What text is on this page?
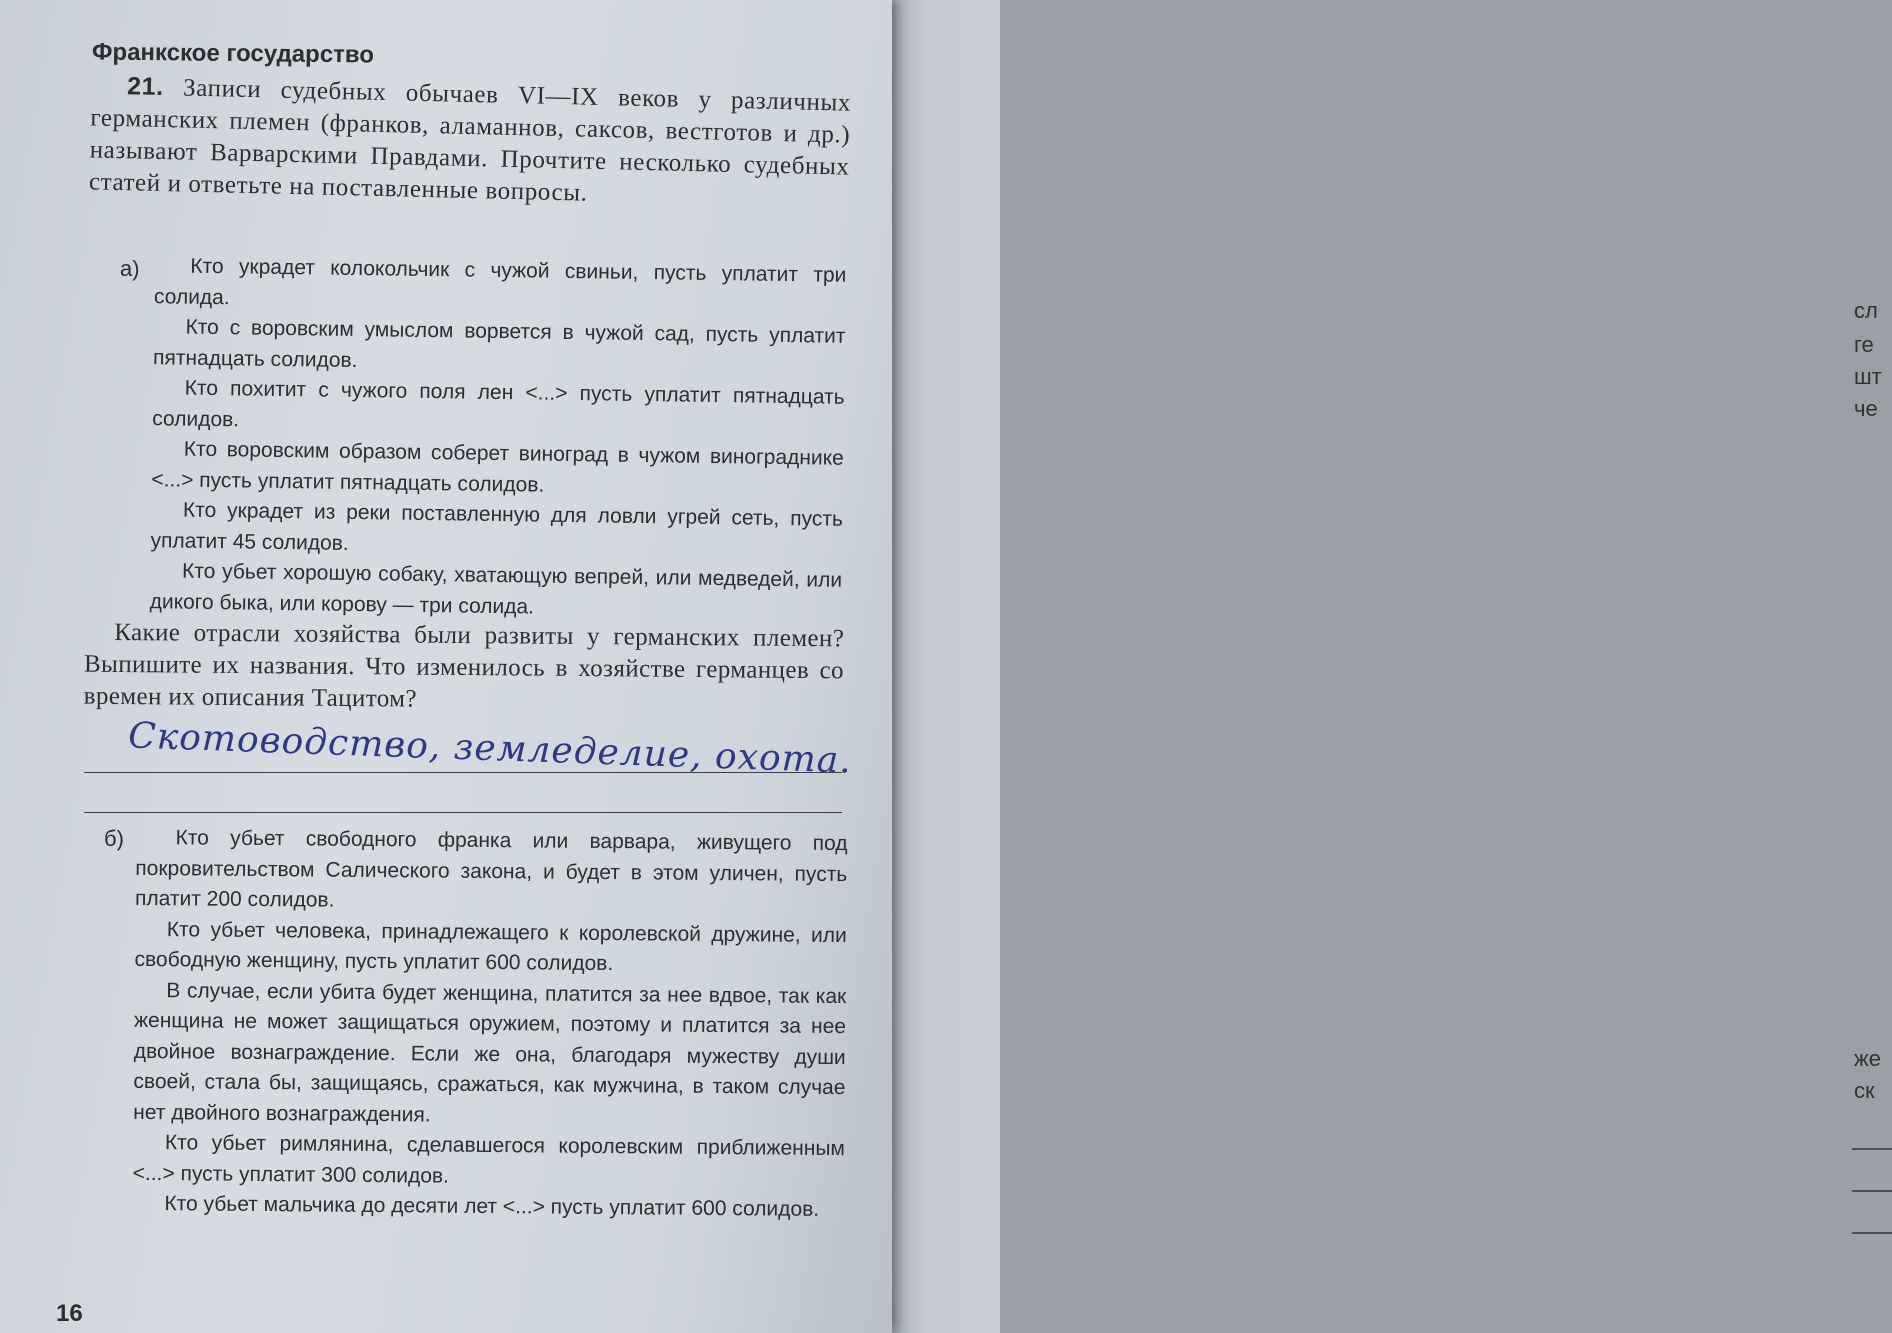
сл
ге
шт
че
же
ск
Франкское государство
21. Записи судебных обычаев VI—IX веков у различных германских племен (франков, аламаннов, саксов, вестготов и др.) называют Варварскими Правдами. Прочтите несколько судебных статей и ответьте на поставленные вопросы.
а)	Кто украдет колокольчик с чужой свиньи, пусть уплатит три солида.

Кто с воровским умыслом ворвется в чужой сад, пусть уплатит пятнадцать солидов.

Кто похитит с чужого поля лен <...> пусть уплатит пятнадцать солидов.

Кто воровским образом соберет виноград в чужом винограднике <...> пусть уплатит пятнадцать солидов.

Кто украдет из реки поставленную для ловли угрей сеть, пусть уплатит 45 солидов.

Кто убьет хорошую собаку, хватающую вепрей, или медведей, или дикого быка, или корову — три солида.

Какие отрасли хозяйства были развиты у германских племен? Выпишите их названия. Что изменилось в хозяйстве германцев со времен их описания Тацитом?
Скотоводство, земледелие, охота.
б)	Кто убьет свободного франка или варвара, живущего под покровительством Салического закона, и будет в этом уличен, пусть платит 200 солидов.

Кто убьет человека, принадлежащего к королевской дружине, или свободную женщину, пусть уплатит 600 солидов.

В случае, если убита будет женщина, платится за нее вдвое, так как женщина не может защищаться оружием, поэтому и платится за нее двойное вознаграждение. Если же она, благодаря мужеству души своей, стала бы, защищаясь, сражаться, как мужчина, в таком случае нет двойного вознаграждения.

Кто убьет римлянина, сделавшегося королевским приближенным <...> пусть уплатит 300 солидов.

Кто убьет мальчика до десяти лет <...> пусть уплатит 600 солидов.

16
